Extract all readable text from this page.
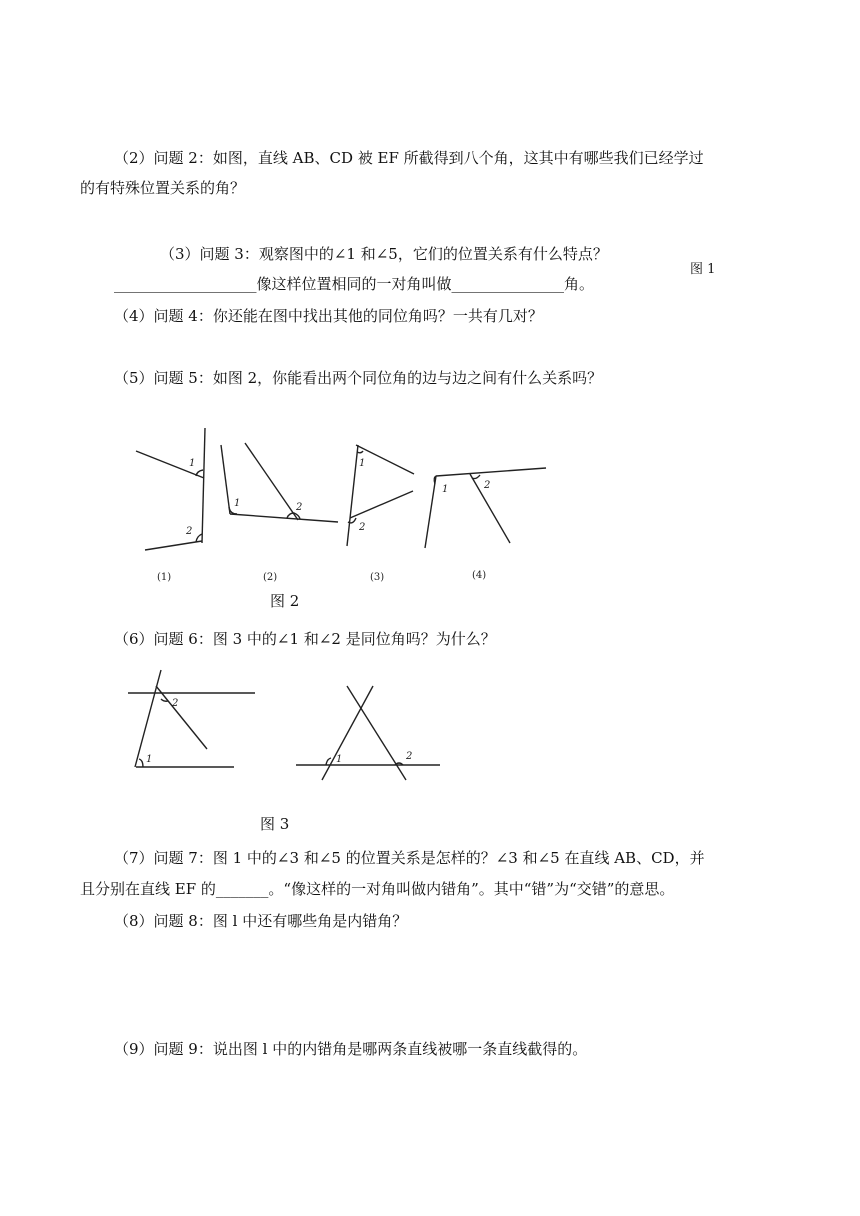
（2）问题 2：如图，直线 AB、CD 被 EF 所截得到八个角，这其中有哪些我们已经学过
的有特殊位置关系的角？
（3）问题 3：观察图中的∠1 和∠5，它们的位置关系有什么特点？
___________________像这样位置相同的一对角叫做_______________角。
图 1
（4）问题 4：你还能在图中找出其他的同位角吗？一共有几对？
（5）问题 5：如图 2，你能看出两个同位角的边与边之间有什么关系吗？
1
2
(1)
1	2
(2)
1
2
(3)
1	2
(4)
图 2
（6）问题 6：图 3 中的∠1 和∠2 是同位角吗？为什么？
1
2
1	2
图 3
（7）问题 7：图 1 中的∠3 和∠5 的位置关系是怎样的？∠3 和∠5 在直线 AB、CD，并
且分别在直线 EF 的_______。“像这样的一对角叫做内错角”。其中“错”为“交错”的意思。
（8）问题 8：图 l 中还有哪些角是内错角？
（9）问题 9：说出图 l 中的内错角是哪两条直线被哪一条直线截得的。
